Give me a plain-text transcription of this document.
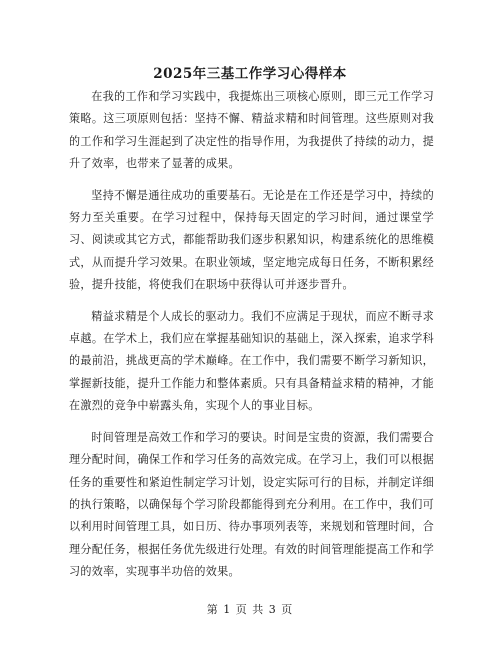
2025年三基工作学习心得样本

在我的工作和学习实践中，我提炼出三项核心原则，即三元工作学习策略。这三项原则包括：坚持不懈、精益求精和时间管理。这些原则对我的工作和学习生涯起到了决定性的指导作用，为我提供了持续的动力，提升了效率，也带来了显著的成果。

坚持不懈是通往成功的重要基石。无论是在工作还是学习中，持续的努力至关重要。在学习过程中，保持每天固定的学习时间，通过课堂学习、阅读或其它方式，都能帮助我们逐步积累知识，构建系统化的思维模式，从而提升学习效果。在职业领域，坚定地完成每日任务，不断积累经验，提升技能，将使我们在职场中获得认可并逐步晋升。

精益求精是个人成长的驱动力。我们不应满足于现状，而应不断寻求卓越。在学术上，我们应在掌握基础知识的基础上，深入探索，追求学科的最前沿，挑战更高的学术巅峰。在工作中，我们需要不断学习新知识，掌握新技能，提升工作能力和整体素质。只有具备精益求精的精神，才能在激烈的竞争中崭露头角，实现个人的事业目标。

时间管理是高效工作和学习的要诀。时间是宝贵的资源，我们需要合理分配时间，确保工作和学习任务的高效完成。在学习上，我们可以根据任务的重要性和紧迫性制定学习计划，设定实际可行的目标，并制定详细的执行策略，以确保每个学习阶段都能得到充分利用。在工作中，我们可以利用时间管理工具，如日历、待办事项列表等，来规划和管理时间，合理分配任务，根据任务优先级进行处理。有效的时间管理能提高工作和学习的效率，实现事半功倍的效果。

第 1 页 共 3 页
